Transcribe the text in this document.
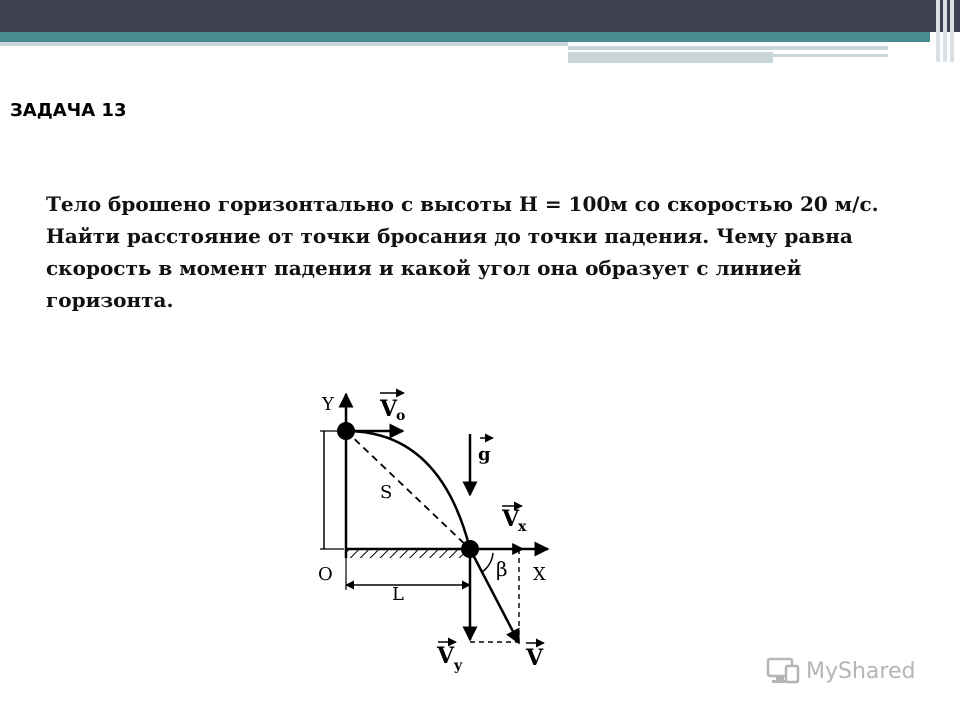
ЗАДАЧА 13

Тело брошено горизонтально с высоты Н = 100м со скоростью 20 м/с. Найти расстояние от точки бросания до точки падения. Чему равна скорость в момент падения и какой угол она образует с линией горизонта.

Y
X
O
V
o
g
S
V
x
β
L
V y	V	MyShared
